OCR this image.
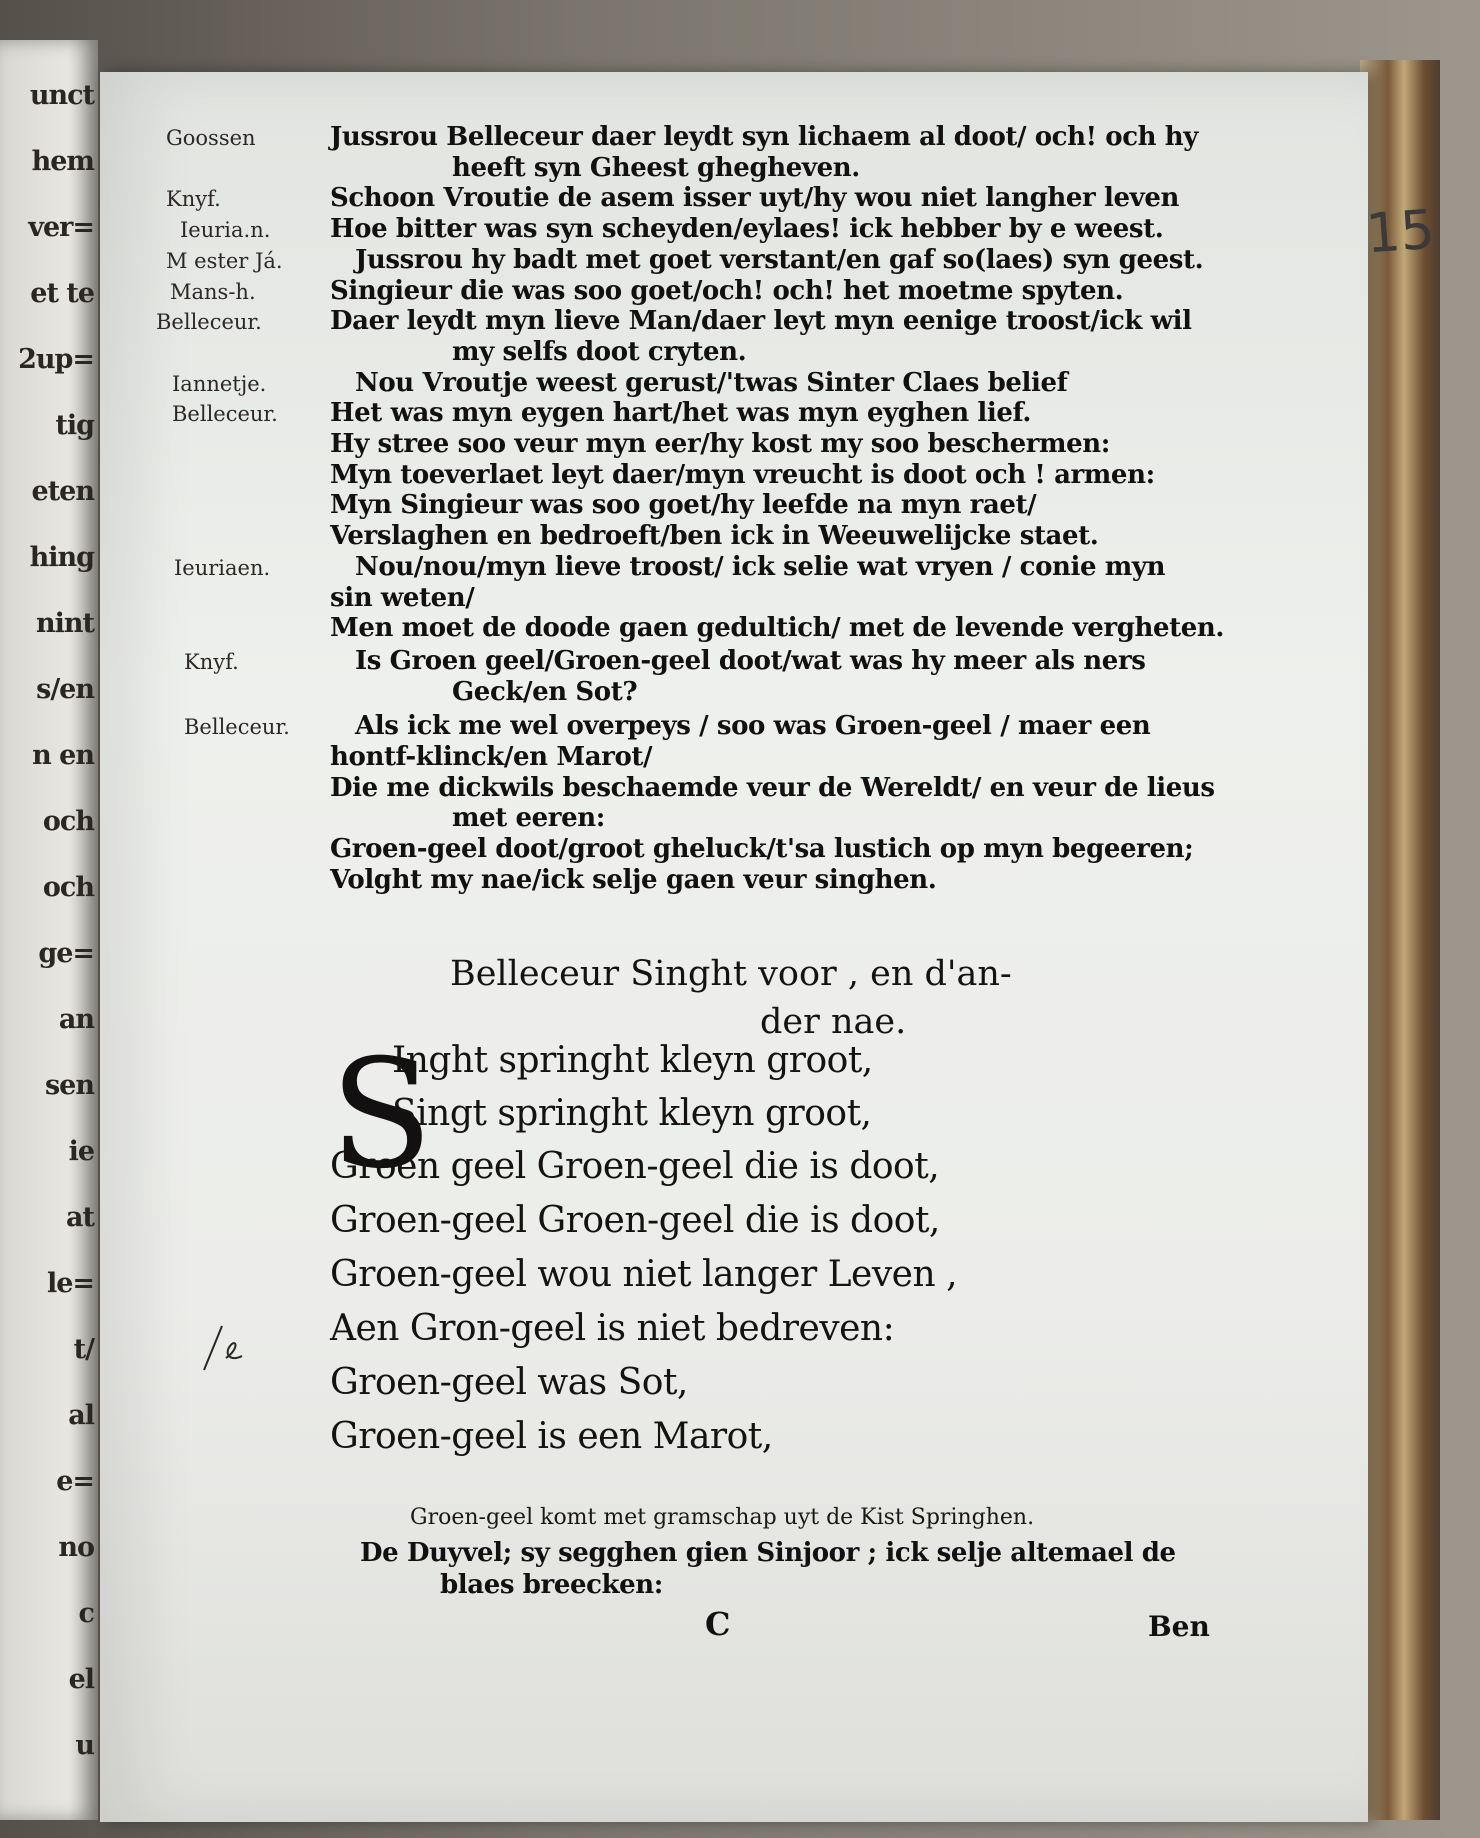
unct
hem
ver=
et te
2up=
tig
eten
hing
nint
s/en
n en
och
och
ge=
an
sen
ie
at
le=
t/
al
e=
no
c
el
u
15
Goossen	Jussrou Belleceur daer leydt syn lichaem al doot/ och! och hy
heeft syn Gheest ghegheven.
Knyf.	Schoon Vroutie de asem isser uyt/hy wou niet langher leven
Ieuria.n.	Hoe bitter was syn scheyden/eylaes! ick hebber by e weest.
M ester Já.	Jussrou hy badt met goet verstant/en gaf so(laes) syn geest.
Mans-h.	Singieur die was soo goet/och! och! het moetme spyten.
Belleceur.	Daer leydt myn lieve Man/daer leyt myn eenige troost/ick wil
my selfs doot cryten.
Iannetje.	Nou Vroutje weest gerust/'twas Sinter Claes belief
Belleceur.	Het was myn eygen hart/het was myn eyghen lief.
Hy stree soo veur myn eer/hy kost my soo beschermen:
Myn toeverlaet leyt daer/myn vreucht is doot och ! armen:
Myn Singieur was soo goet/hy leefde na myn raet/
Verslaghen en bedroeft/ben ick in Weeuwelijcke staet.
Ieuriaen.	Nou/nou/myn lieve troost/ ick selie wat vryen / conie myn
sin weten/
Men moet de doode gaen gedultich/ met de levende vergheten.
Knyf.	Is Groen geel/Groen-geel doot/wat was hy meer als ners
Geck/en Sot?
Belleceur.	Als ick me wel overpeys / soo was Groen-geel / maer een
hontf-klinck/en Marot/
Die me dickwils beschaemde veur de Wereldt/ en veur de lieus
met eeren:
Groen-geel doot/groot gheluck/t'sa lustich op myn begeeren;
Volght my nae/ick selje gaen veur singhen.
Belleceur Singht voor , en d'an-
der nae.
S
Inght springht kleyn groot,
Singt springht kleyn groot,
Groen geel Groen-geel die is doot,
Groen-geel Groen-geel die is doot,
Groen-geel wou niet langer Leven ,
Aen Gron-geel is niet bedreven:
Groen-geel was Sot,
Groen-geel is een Marot,
Groen-geel komt met gramschap uyt de Kist Springhen.
De Duyvel; sy segghen gien Sinjoor ; ick selje altemael de
blaes breecken:
C	Ben
